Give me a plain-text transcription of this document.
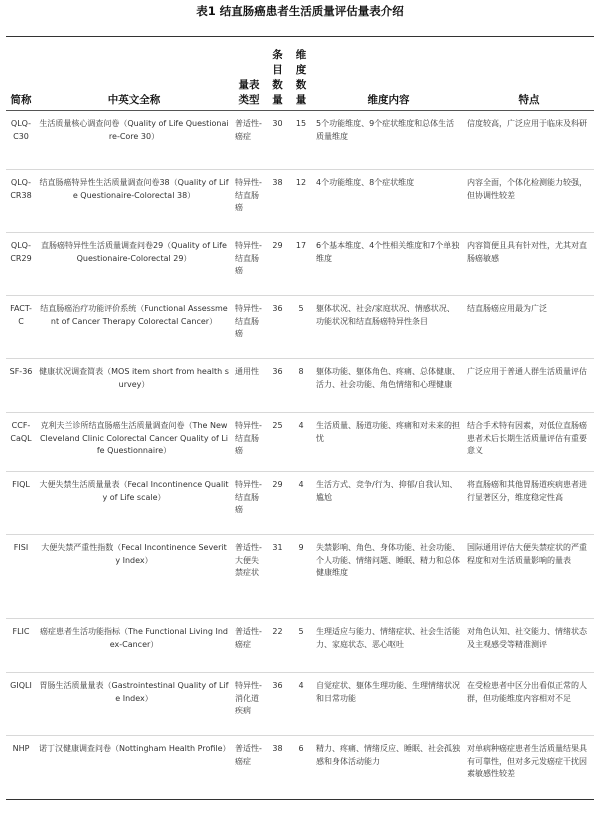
表1 结直肠癌患者生活质量评估量表介绍
简称	中英文全称	量表类型	条目数量	维度数量	维度内容	特点
QLQ-C30	生活质量核心调查问卷（Quality of Life Questionaire-Core 30）	普适性-癌症	30	15	5个功能维度、9个症状维度和总体生活质量维度	信度较高，广泛应用于临床及科研
QLQ-CR38	结直肠癌特异性生活质量调查问卷38（Quality of Life Questionaire-Colorectal 38）	特异性-结直肠癌	38	12	4个功能维度、8个症状维度	内容全面，个体化检测能力较强，但协调性较差
QLQ-CR29	直肠癌特异性生活质量调查问卷29（Quality of Life Questionaire-Colorectal 29）	特异性-结直肠癌	29	17	6个基本维度、4个性相关维度和7个单独维度	内容简便且具有针对性，尤其对直肠癌敏感
FACT-C	结直肠癌治疗功能评价系统（Functional Assessment of Cancer Therapy Colorectal Cancer）	特异性-结直肠癌	36	5	躯体状况、社会/家庭状况、情感状况、功能状况和结直肠癌特异性条目	结直肠癌应用最为广泛
SF-36	健康状况调查简表（MOS item short from health survey）	通用性	36	8	躯体功能、躯体角色、疼痛、总体健康、活力、社会功能、角色情绪和心理健康	广泛应用于普通人群生活质量评估
CCF-CaQL	克利夫兰诊所结直肠癌生活质量调查问卷（The New Cleveland Clinic Colorectal Cancer Quality of Life Questionnaire）	特异性-结直肠癌	25	4	生活质量、肠道功能、疼痛和对未来的担忧	结合手术特有因素，对低位直肠癌患者术后长期生活质量评估有重要意义
FIQL	大便失禁生活质量量表（Fecal Incontinence Quality of Life scale）	特异性-结直肠癌	29	4	生活方式、竞争/行为、抑郁/自我认知、尴尬	将直肠癌和其他胃肠道疾病患者进行显著区分，维度稳定性高
FISI	大便失禁严重性指数（Fecal Incontinence Severity Index）	普适性-大便失禁症状	31	9	失禁影响、角色、身体功能、社会功能、个人功能、情绪问题、睡眠、精力和总体健康维度	国际通用评估大便失禁症状的严重程度和对生活质量影响的量表
FLIC	癌症患者生活功能指标（The Functional Living Index-Cancer）	普适性-癌症	22	5	生理适应与能力、情绪症状、社会生活能力、家庭状态、恶心呕吐	对角色认知、社交能力、情绪状态及主观感受等精准测评
GIQLI	胃肠生活质量量表（Gastrointestinal Quality of Life Index）	特异性-消化道疾病	36	4	自觉症状、躯体生理功能、生理情绪状况和日常功能	在受检患者中区分出看似正常的人群，但功能维度内容相对不足
NHP	诺丁汉健康调查问卷（Nottingham Health Profile）	普适性-癌症	38	6	精力、疼痛、情绪反应、睡眠、社会孤独感和身体活动能力	对单病种癌症患者生活质量结果具有可靠性，但对多元发癌症干扰因素敏感性较差
